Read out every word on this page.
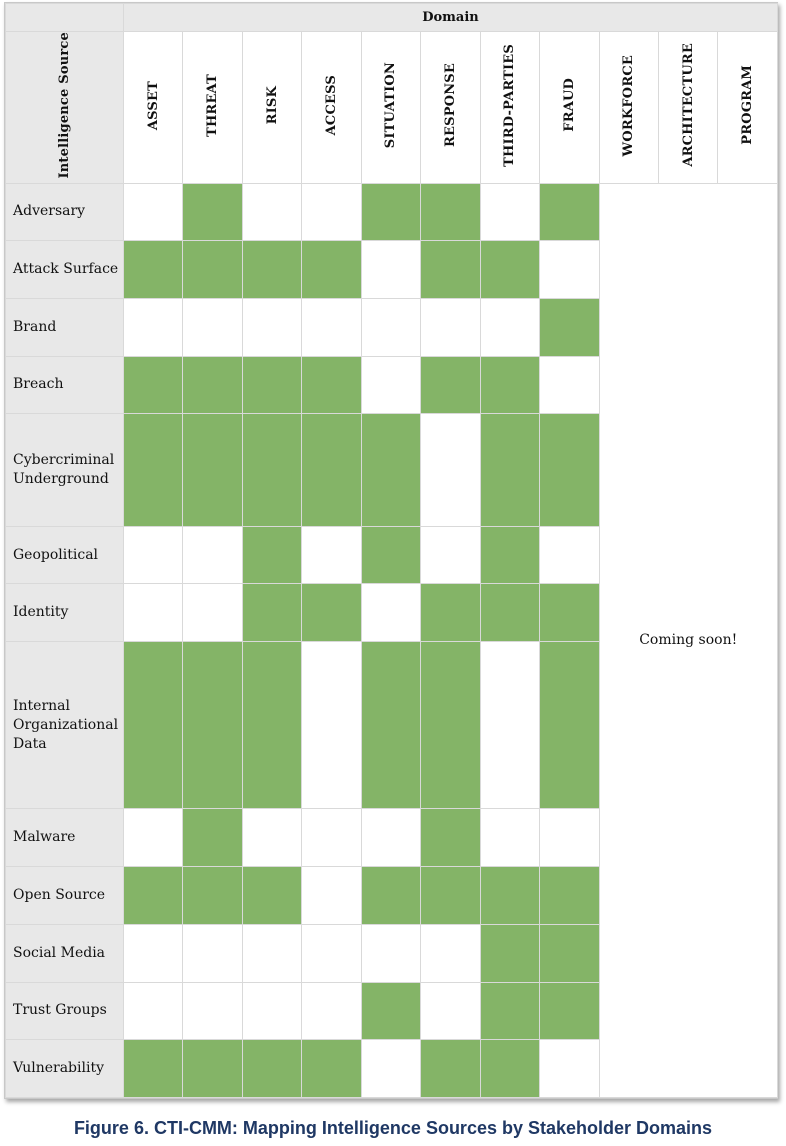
	Domain										
Intelligence Source	ASSET	THREAT	RISK	ACCESS	SITUATION	RESPONSE	THIRD-PARTIES	FRAUD	WORKFORCE	ARCHITECTURE	PROGRAM
Adversary									Coming soon!		
Attack Surface											
Brand											
Breach											
Cybercriminal Underground											
Geopolitical											
Identity											
Internal Organizational Data											
Malware											
Open Source											
Social Media											
Trust Groups											
Vulnerability											
Figure 6. CTI-CMM: Mapping Intelligence Sources by Stakeholder Domains
